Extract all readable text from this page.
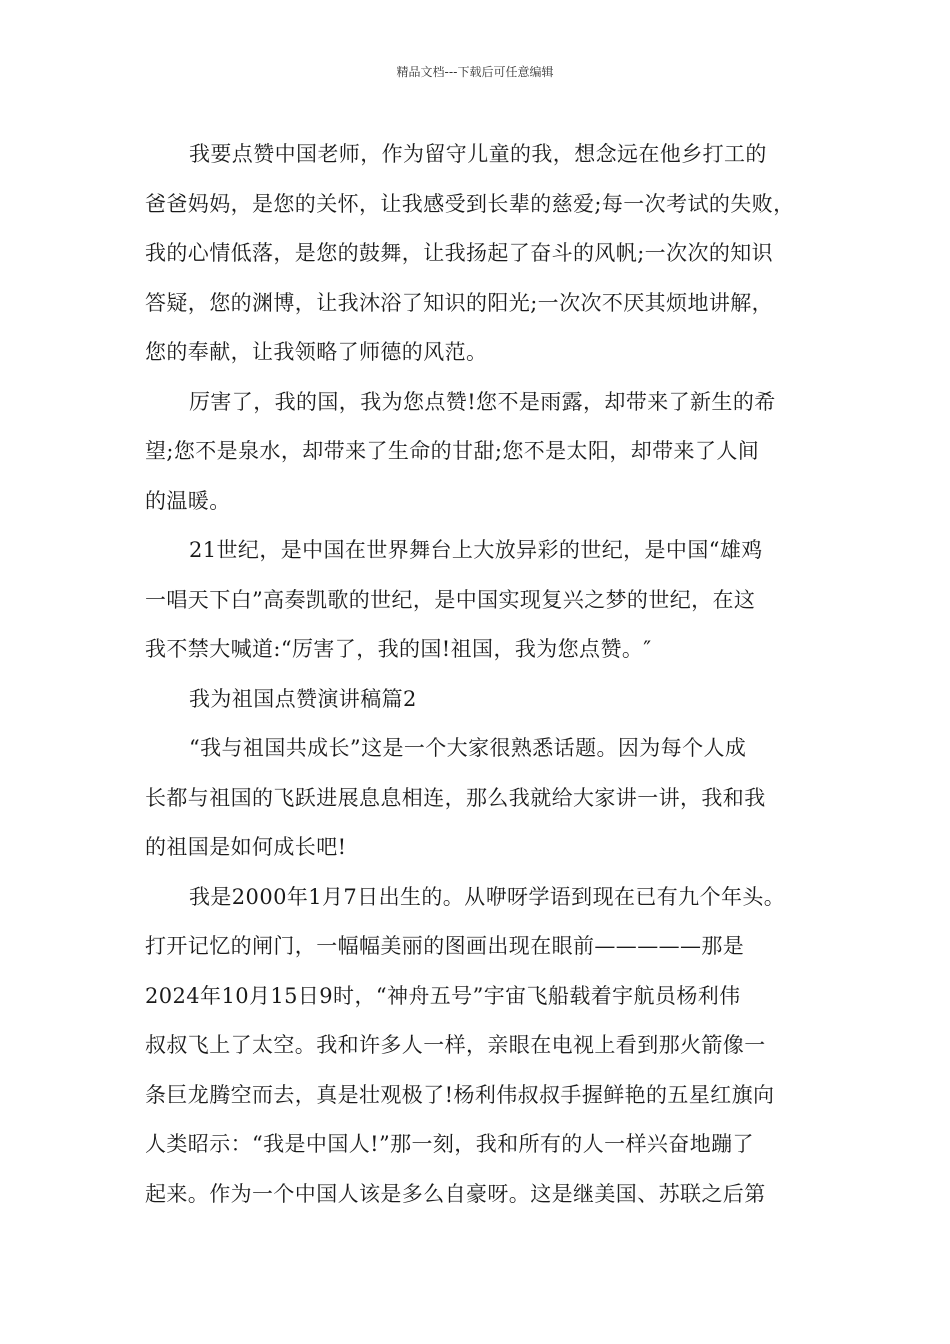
精品文档---下载后可任意编辑
我要点赞中国老师，作为留守儿童的我，想念远在他乡打工的
爸爸妈妈，是您的关怀，让我感受到长辈的慈爱;每一次考试的失败，
我的心情低落，是您的鼓舞，让我扬起了奋斗的风帆;一次次的知识
答疑，您的渊博，让我沐浴了知识的阳光;一次次不厌其烦地讲解，
您的奉献，让我领略了师德的风范。
厉害了，我的国，我为您点赞!您不是雨露，却带来了新生的希
望;您不是泉水，却带来了生命的甘甜;您不是太阳，却带来了人间
的温暖。
21世纪，是中国在世界舞台上大放异彩的世纪，是中国“雄鸡
一唱天下白”高奏凯歌的世纪，是中国实现复兴之梦的世纪，在这
我不禁大喊道:“厉害了，我的国!祖国，我为您点赞。″
我为祖国点赞演讲稿篇2
“我与祖国共成长”这是一个大家很熟悉话题。因为每个人成
长都与祖国的飞跃进展息息相连，那么我就给大家讲一讲，我和我
的祖国是如何成长吧!
我是2000年1月7日出生的。从咿呀学语到现在已有九个年头。
打开记忆的闸门，一幅幅美丽的图画出现在眼前—————那是
2024年10月15日9时，“神舟五号”宇宙飞船载着宇航员杨利伟
叔叔飞上了太空。我和许多人一样，亲眼在电视上看到那火箭像一
条巨龙腾空而去，真是壮观极了!杨利伟叔叔手握鲜艳的五星红旗向
人类昭示：“我是中国人!”那一刻，我和所有的人一样兴奋地蹦了
起来。作为一个中国人该是多么自豪呀。这是继美国、苏联之后第
